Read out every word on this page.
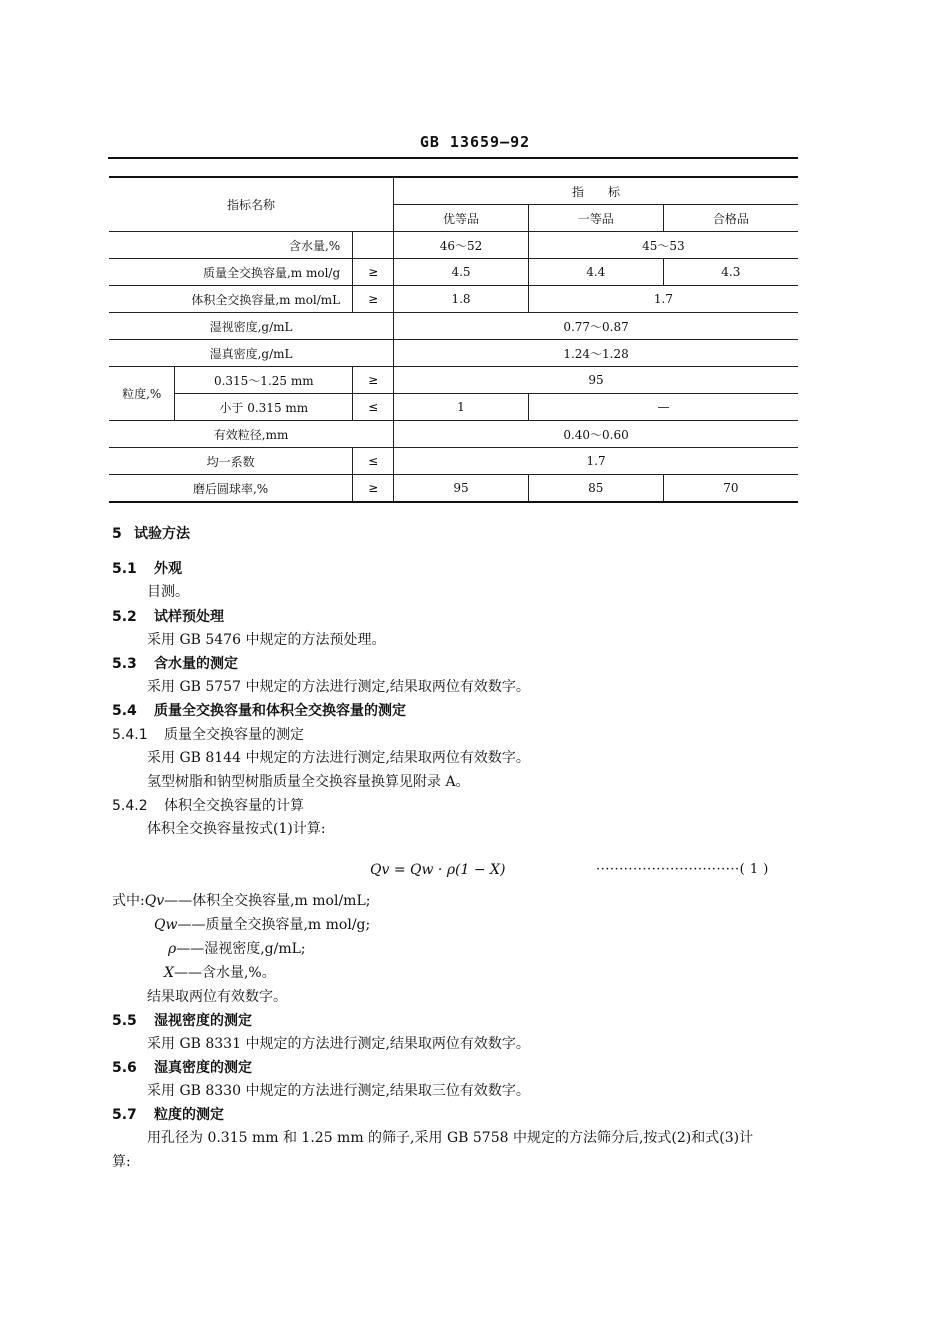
GB 13659—92
指标名称			指　　标		
			优等品	一等品	合格品
含水量,%			46～52	45～53	
质量全交换容量,m mol/g		≥	4.5	4.4	4.3
体积全交换容量,m mol/mL		≥	1.8	1.7	
湿视密度,g/mL			0.77～0.87		
湿真密度,g/mL			1.24～1.28		
粒度,%	0.315～1.25 mm	≥	95		
	小于 0.315 mm	≤	1	—	
有效粒径,mm			0.40～0.60		
均一系数		≤	1.7		
磨后圆球率,%		≥	95	85	70
5 试验方法
5.1 外观
目测。
5.2 试样预处理
采用 GB 5476 中规定的方法预处理。
5.3 含水量的测定
采用 GB 5757 中规定的方法进行测定,结果取两位有效数字。
5.4 质量全交换容量和体积全交换容量的测定
5.4.1 质量全交换容量的测定
采用 GB 8144 中规定的方法进行测定,结果取两位有效数字。
氢型树脂和钠型树脂质量全交换容量换算见附录 A。
5.4.2 体积全交换容量的计算
体积全交换容量按式(1)计算:
Qv = Qw · ρ(1 − X)	·······························( 1 )
式中:Qv——体积全交换容量,m mol/mL;
Qw——质量全交换容量,m mol/g;
ρ——湿视密度,g/mL;
X——含水量,%。
结果取两位有效数字。
5.5 湿视密度的测定
采用 GB 8331 中规定的方法进行测定,结果取两位有效数字。
5.6 湿真密度的测定
采用 GB 8330 中规定的方法进行测定,结果取三位有效数字。
5.7 粒度的测定
用孔径为 0.315 mm 和 1.25 mm 的筛子,采用 GB 5758 中规定的方法筛分后,按式(2)和式(3)计
算:
